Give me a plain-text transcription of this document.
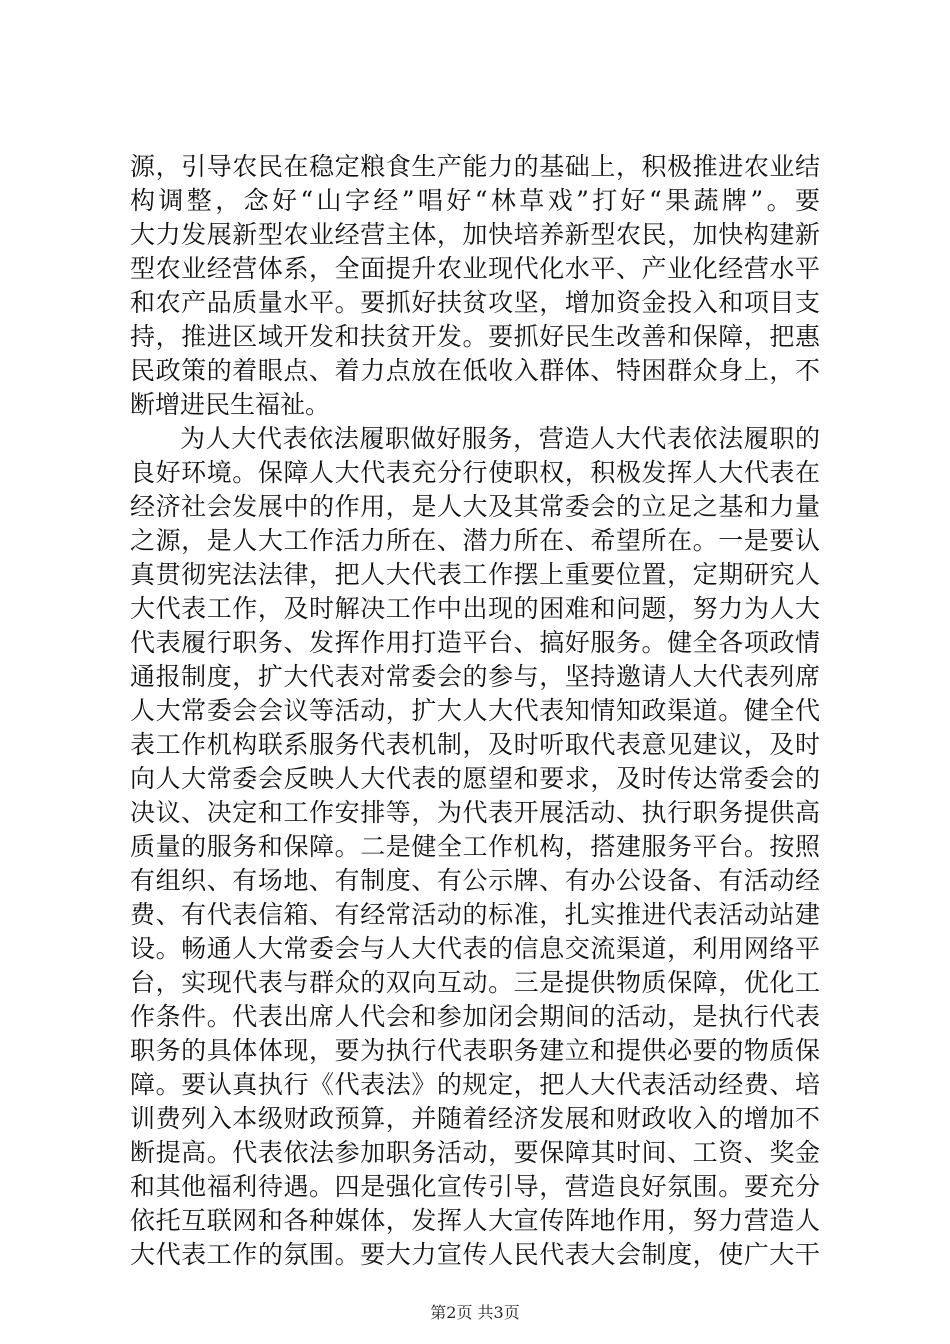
源，引导农民在稳定粮食生产能力的基础上，积极推进农业结
构调整，念好“山字经”唱好“林草戏”打好“果蔬牌”。要
大力发展新型农业经营主体，加快培养新型农民，加快构建新
型农业经营体系，全面提升农业现代化水平、产业化经营水平
和农产品质量水平。要抓好扶贫攻坚，增加资金投入和项目支
持，推进区域开发和扶贫开发。要抓好民生改善和保障，把惠
民政策的着眼点、着力点放在低收入群体、特困群众身上，不
断增进民生福祉。
为人大代表依法履职做好服务，营造人大代表依法履职的
良好环境。保障人大代表充分行使职权，积极发挥人大代表在
经济社会发展中的作用，是人大及其常委会的立足之基和力量
之源，是人大工作活力所在、潜力所在、希望所在。一是要认
真贯彻宪法法律，把人大代表工作摆上重要位置，定期研究人
大代表工作，及时解决工作中出现的困难和问题，努力为人大
代表履行职务、发挥作用打造平台、搞好服务。健全各项政情
通报制度，扩大代表对常委会的参与，坚持邀请人大代表列席
人大常委会会议等活动，扩大人大代表知情知政渠道。健全代
表工作机构联系服务代表机制，及时听取代表意见建议，及时
向人大常委会反映人大代表的愿望和要求，及时传达常委会的
决议、决定和工作安排等，为代表开展活动、执行职务提供高
质量的服务和保障。二是健全工作机构，搭建服务平台。按照
有组织、有场地、有制度、有公示牌、有办公设备、有活动经
费、有代表信箱、有经常活动的标准，扎实推进代表活动站建
设。畅通人大常委会与人大代表的信息交流渠道，利用网络平
台，实现代表与群众的双向互动。三是提供物质保障，优化工
作条件。代表出席人代会和参加闭会期间的活动，是执行代表
职务的具体体现，要为执行代表职务建立和提供必要的物质保
障。要认真执行《代表法》的规定，把人大代表活动经费、培
训费列入本级财政预算，并随着经济发展和财政收入的增加不
断提高。代表依法参加职务活动，要保障其时间、工资、奖金
和其他福利待遇。四是强化宣传引导，营造良好氛围。要充分
依托互联网和各种媒体，发挥人大宣传阵地作用，努力营造人
大代表工作的氛围。要大力宣传人民代表大会制度，使广大干
第2页 共3页
